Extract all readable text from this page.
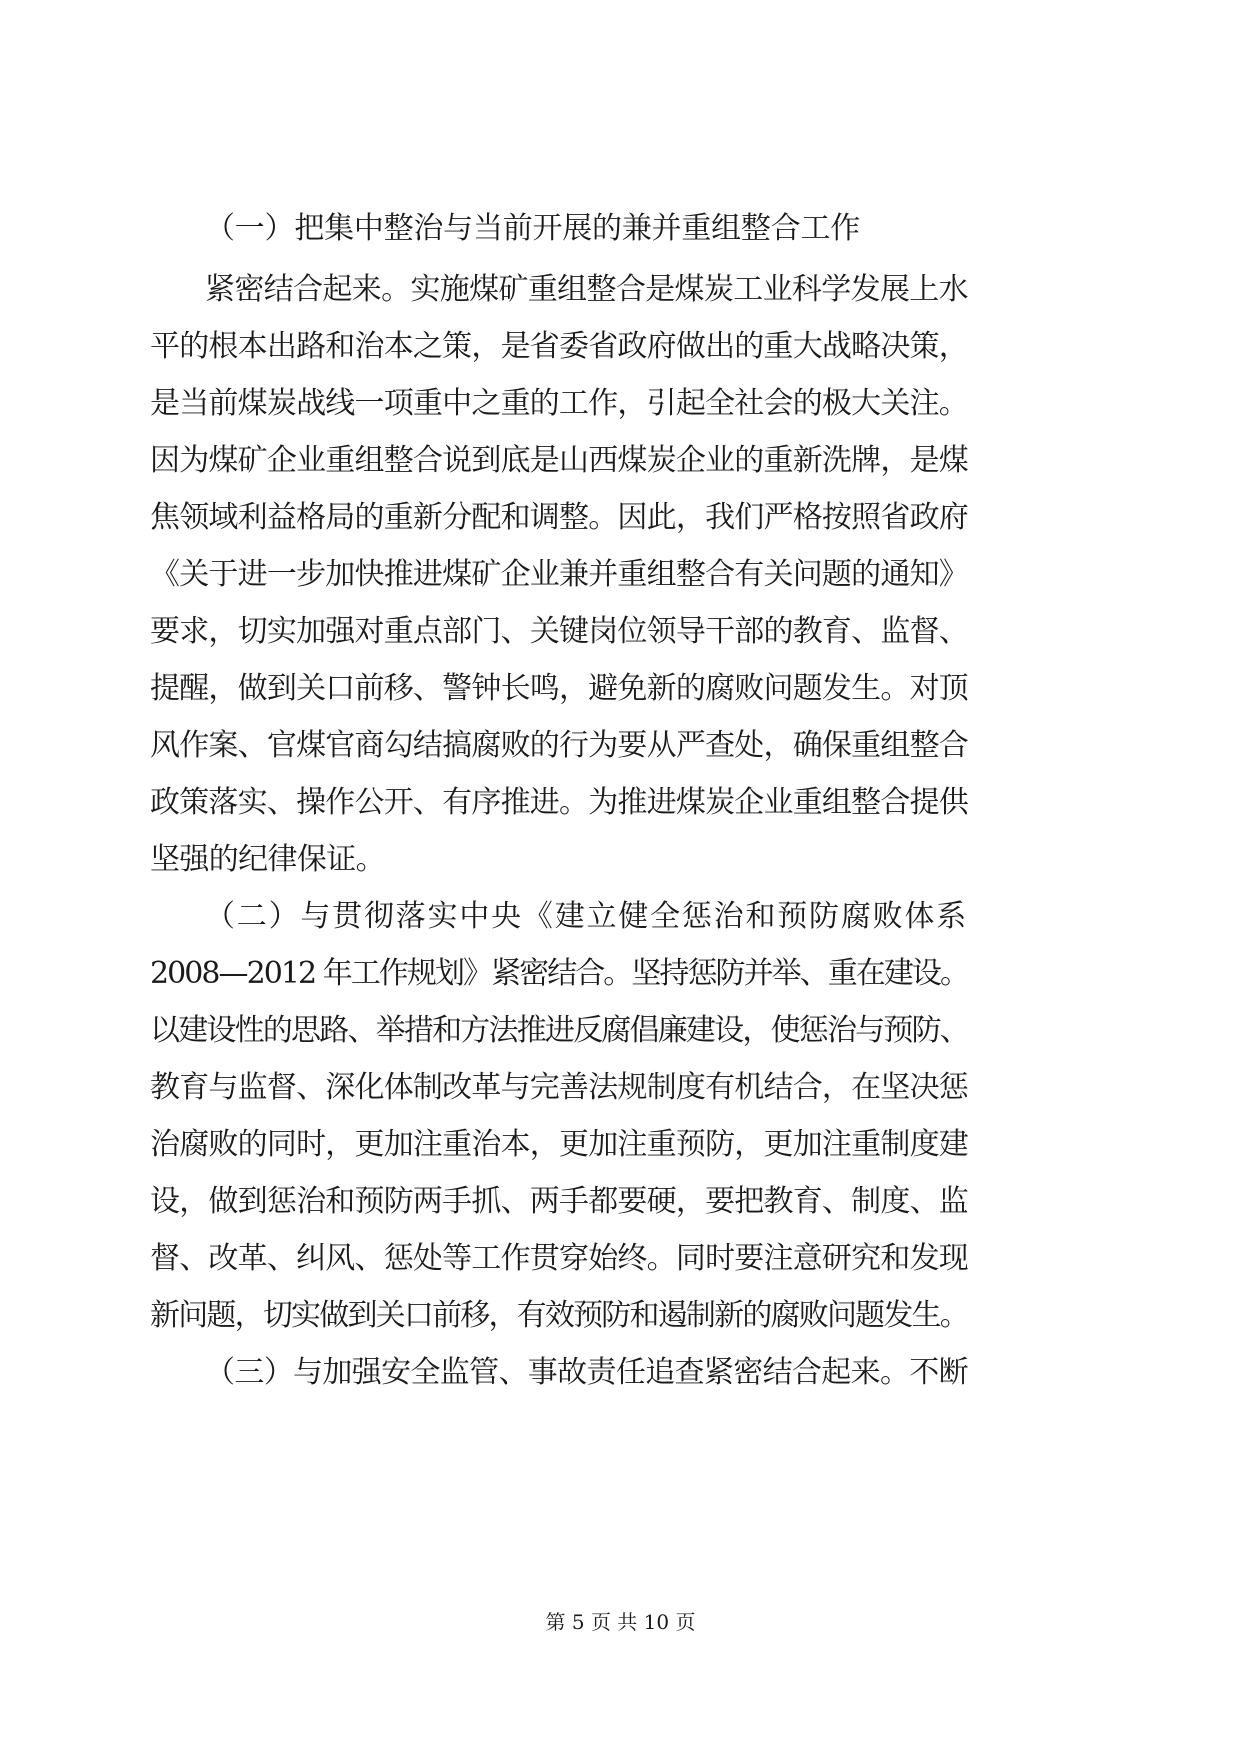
（一）把集中整治与当前开展的兼并重组整合工作
紧密结合起来。实施煤矿重组整合是煤炭工业科学发展上水
平的根本出路和治本之策，是省委省政府做出的重大战略决策，
是当前煤炭战线一项重中之重的工作，引起全社会的极大关注。
因为煤矿企业重组整合说到底是山西煤炭企业的重新洗牌，是煤
焦领域利益格局的重新分配和调整。因此，我们严格按照省政府
《关于进一步加快推进煤矿企业兼并重组整合有关问题的通知》
要求，切实加强对重点部门、关键岗位领导干部的教育、监督、
提醒，做到关口前移、警钟长鸣，避免新的腐败问题发生。对顶
风作案、官煤官商勾结搞腐败的行为要从严查处，确保重组整合
政策落实、操作公开、有序推进。为推进煤炭企业重组整合提供
坚强的纪律保证。
（二）与贯彻落实中央《建立健全惩治和预防腐败体系
2008—2012 年工作规划》紧密结合。坚持惩防并举、重在建设。
以建设性的思路、举措和方法推进反腐倡廉建设，使惩治与预防、
教育与监督、深化体制改革与完善法规制度有机结合，在坚决惩
治腐败的同时，更加注重治本，更加注重预防，更加注重制度建
设，做到惩治和预防两手抓、两手都要硬，要把教育、制度、监
督、改革、纠风、惩处等工作贯穿始终。同时要注意研究和发现
新问题，切实做到关口前移，有效预防和遏制新的腐败问题发生。
（三）与加强安全监管、事故责任追查紧密结合起来。不断
第 5 页 共 10 页
